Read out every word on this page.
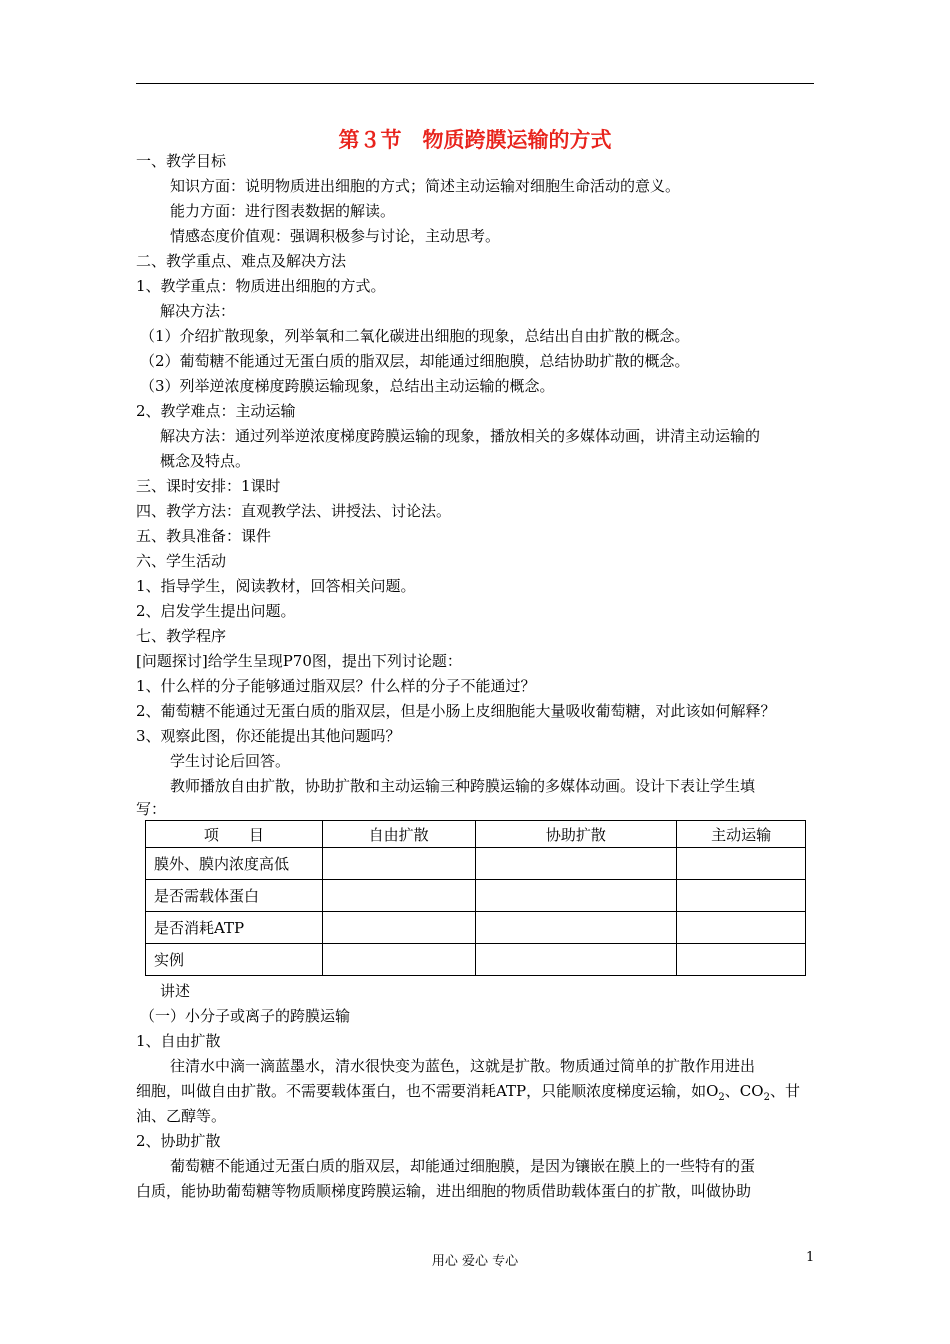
第３节　物质跨膜运输的方式
一、教学目标
知识方面：说明物质进出细胞的方式；简述主动运输对细胞生命活动的意义。
能力方面：进行图表数据的解读。
情感态度价值观：强调积极参与讨论，主动思考。
二、教学重点、难点及解决方法
1、教学重点：物质进出细胞的方式。
解决方法：
（1）介绍扩散现象，列举氧和二氧化碳进出细胞的现象，总结出自由扩散的概念。
（2）葡萄糖不能通过无蛋白质的脂双层，却能通过细胞膜，总结协助扩散的概念。
（3）列举逆浓度梯度跨膜运输现象，总结出主动运输的概念。
2、教学难点：主动运输
解决方法：通过列举逆浓度梯度跨膜运输的现象，播放相关的多媒体动画，讲清主动运输的
概念及特点。
三、课时安排：1课时
四、教学方法：直观教学法、讲授法、讨论法。
五、教具准备：课件
六、学生活动
1、指导学生，阅读教材，回答相关问题。
2、启发学生提出问题。
七、教学程序
[问题探讨]给学生呈现P70图，提出下列讨论题：
1、什么样的分子能够通过脂双层？什么样的分子不能通过？
2、葡萄糖不能通过无蛋白质的脂双层，但是小肠上皮细胞能大量吸收葡萄糖，对此该如何解释？
3、观察此图，你还能提出其他问题吗？
学生讨论后回答。
教师播放自由扩散，协助扩散和主动运输三种跨膜运输的多媒体动画。设计下表让学生填
写：
项　　目	自由扩散	协助扩散	主动运输
膜外、膜内浓度高低			
是否需载体蛋白			
是否消耗ATP			
实例			
讲述
（一）小分子或离子的跨膜运输
1、自由扩散
往清水中滴一滴蓝墨水，清水很快变为蓝色，这就是扩散。物质通过简单的扩散作用进出
细胞，叫做自由扩散。不需要载体蛋白，也不需要消耗ATP，只能顺浓度梯度运输，如$O_2$、$CO_2$、甘
油、乙醇等。
2、协助扩散
葡萄糖不能通过无蛋白质的脂双层，却能通过细胞膜，是因为镶嵌在膜上的一些特有的蛋
白质，能协助葡萄糖等物质顺梯度跨膜运输，进出细胞的物质借助载体蛋白的扩散，叫做协助
用心 爱心 专心	1
